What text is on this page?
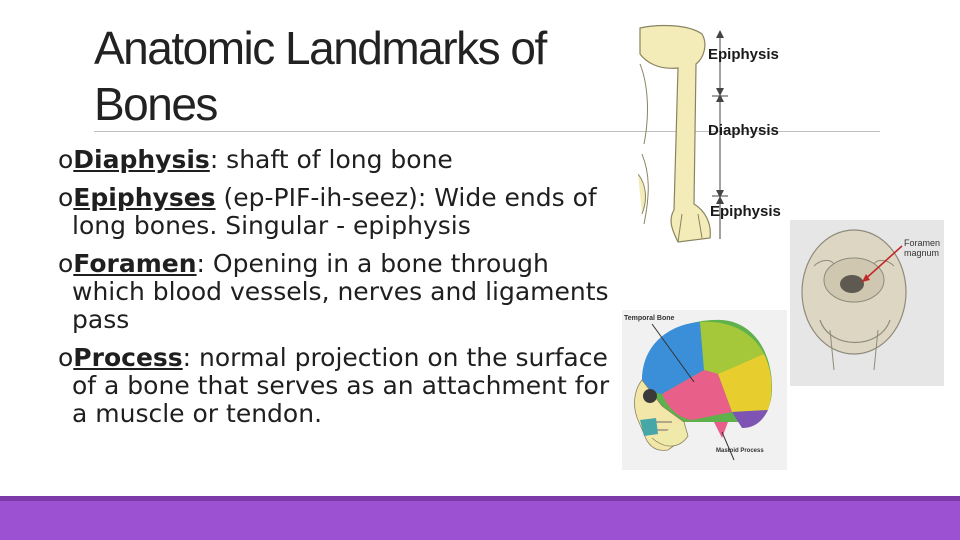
Anatomic Landmarks of Bones
oDiaphysis: shaft of long bone
oEpiphyses (ep-PIF-ih-seez): Wide ends of long bones. Singular - epiphysis
oForamen: Opening in a bone through which blood vessels, nerves and ligaments pass
oProcess: normal projection on the surface of a bone that serves as an attachment for a muscle or tendon.
Epiphysis
Diaphysis
Epiphysis
Foramen
magnum
Temporal Bone
Mastoid Process
